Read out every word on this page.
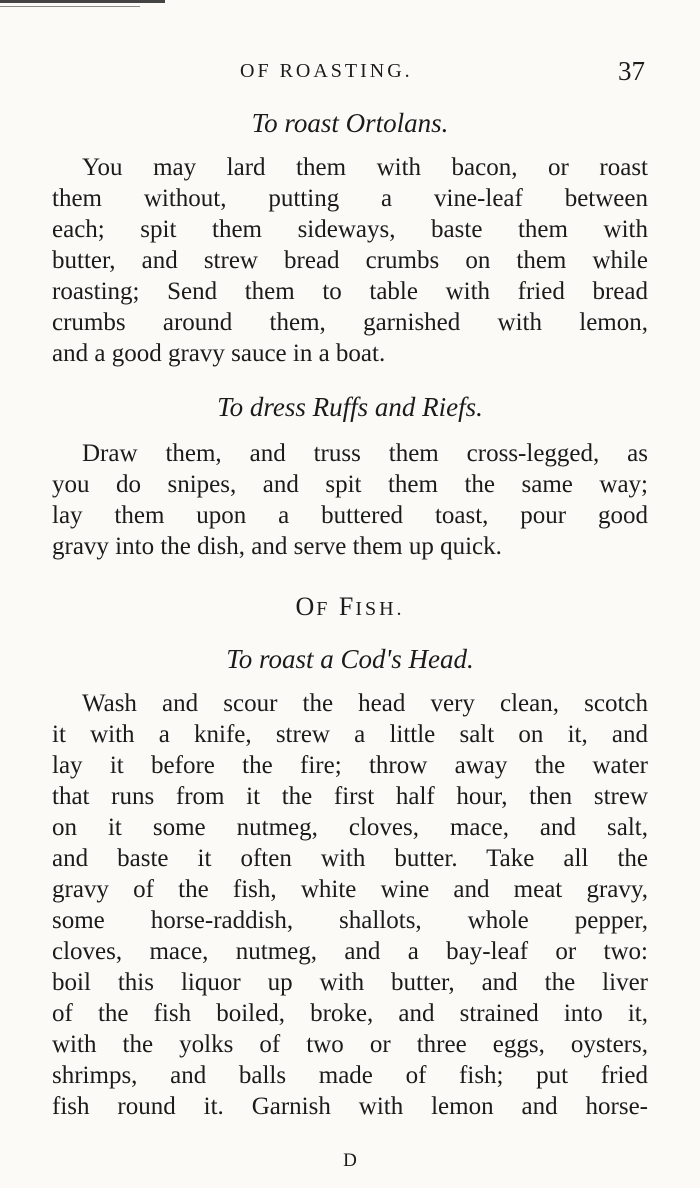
OF ROASTING.	37
To roast Ortolans.
You may lard them with bacon, or roast
them without, putting a vine-leaf between
each; spit them sideways, baste them with
butter, and strew bread crumbs on them while
roasting; Send them to table with fried bread
crumbs around them, garnished with lemon,
and a good gravy sauce in a boat.
To dress Ruffs and Riefs.
Draw them, and truss them cross-legged, as
you do snipes, and spit them the same way;
lay them upon a buttered toast, pour good
gravy into the dish, and serve them up quick.
OF FISH.
To roast a Cod's Head.
Wash and scour the head very clean, scotch
it with a knife, strew a little salt on it, and
lay it before the fire; throw away the water
that runs from it the first half hour, then strew
on it some nutmeg, cloves, mace, and salt,
and baste it often with butter. Take all the
gravy of the fish, white wine and meat gravy,
some horse-raddish, shallots, whole pepper,
cloves, mace, nutmeg, and a bay-leaf or two:
boil this liquor up with butter, and the liver
of the fish boiled, broke, and strained into it,
with the yolks of two or three eggs, oysters,
shrimps, and balls made of fish; put fried
fish round it. Garnish with lemon and horse-
D
